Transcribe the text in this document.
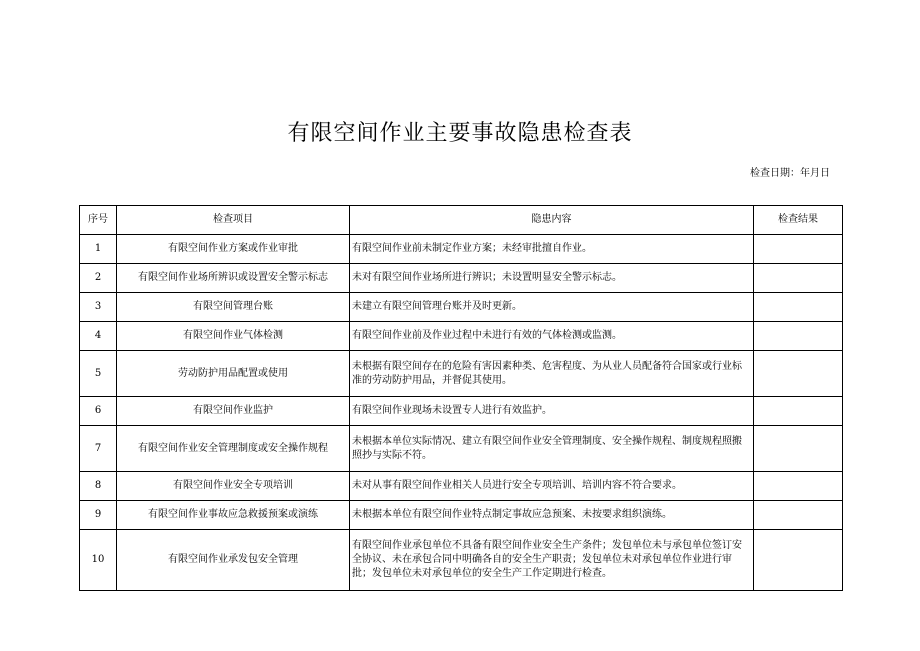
有限空间作业主要事故隐患检查表
检查日期：年月日
序号	检查项目	隐患内容	检查结果
1	有限空间作业方案或作业审批	有限空间作业前未制定作业方案；未经审批擅自作业。	
2	有限空间作业场所辨识或设置安全警示标志	未对有限空间作业场所进行辨识；未设置明显安全警示标志。	
3	有限空间管理台账	未建立有限空间管理台账并及时更新。	
4	有限空间作业气体检测	有限空间作业前及作业过程中未进行有效的气体检测或监测。	
5	劳动防护用品配置或使用	未根据有限空间存在的危险有害因素种类、危害程度、为从业人员配备符合国家或行业标准的劳动防护用品，并督促其使用。	
6	有限空间作业监护	有限空间作业现场未设置专人进行有效监护。	
7	有限空间作业安全管理制度或安全操作规程	未根据本单位实际情况、建立有限空间作业安全管理制度、安全操作规程、制度规程照搬照抄与实际不符。	
8	有限空间作业安全专项培训	未对从事有限空间作业相关人员进行安全专项培训、培训内容不符合要求。	
9	有限空间作业事故应急救援预案或演练	未根据本单位有限空间作业特点制定事故应急预案、未按要求组织演练。	
10	有限空间作业承发包安全管理	有限空间作业承包单位不具备有限空间作业安全生产条件；发包单位未与承包单位签订安全协议、未在承包合同中明确各自的安全生产职责；发包单位未对承包单位作业进行审批；发包单位未对承包单位的安全生产工作定期进行检查。	
